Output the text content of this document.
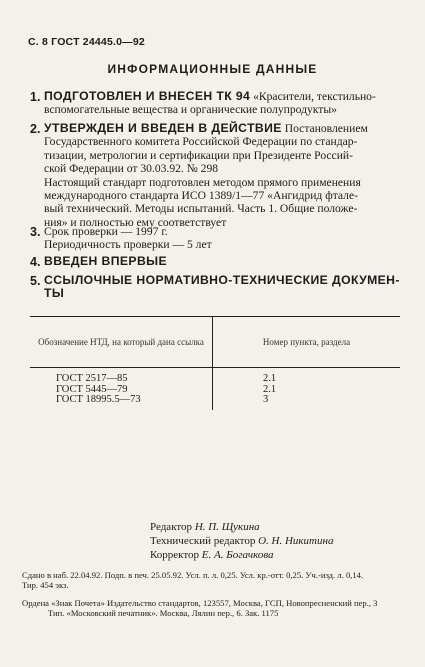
С. 8 ГОСТ 24445.0—92
ИНФОРМАЦИОННЫЕ ДАННЫЕ
1. ПОДГОТОВЛЕН И ВНЕСЕН ТК 94 «Красители, текстильно-
вспомогательные вещества и органические полупродукты»
2. УТВЕРЖДЕН И ВВЕДЕН В ДЕЙСТВИЕ Постановлением
Государственного комитета Российской Федерации по стандар-
тизации, метрологии и сертификации при Президенте Россий-
ской Федерации от 30.03.92. № 298
Настоящий стандарт подготовлен методом прямого применения
международного стандарта ИСО 1389/1—77 «Ангидрид фтале-
вый технический. Методы испытаний. Часть 1. Общие положе-
ния» и полностью ему соответствует
3. Срок проверки — 1997 г.
Периодичность проверки — 5 лет
4. ВВЕДЕН ВПЕРВЫЕ
5. ССЫЛОЧНЫЕ НОРМАТИВНО-ТЕХНИЧЕСКИЕ ДОКУМЕН-
ТЫ
Обозначение НТД, на который дана ссылка	Номер пункта, раздела
ГОСТ 2517—85	2.1
ГОСТ 5445—79	2.1
ГОСТ 18995.5—73	3
Редактор Н. П. Щукина
Технический редактор О. Н. Никитина
Корректор Е. А. Богачкова
Сдано в наб. 22.04.92. Подп. в печ. 25.05.92. Усл. п. л. 0,25. Усл. кр.-отт. 0,25. Уч.-изд. л. 0,14.
Тир. 454 экз.
Ордена «Знак Почета» Издательство стандартов, 123557, Москва, ГСП, Новопресненский пер., 3
Тип. «Московский печатник». Москва, Лялин пер., 6. Зак. 1175
